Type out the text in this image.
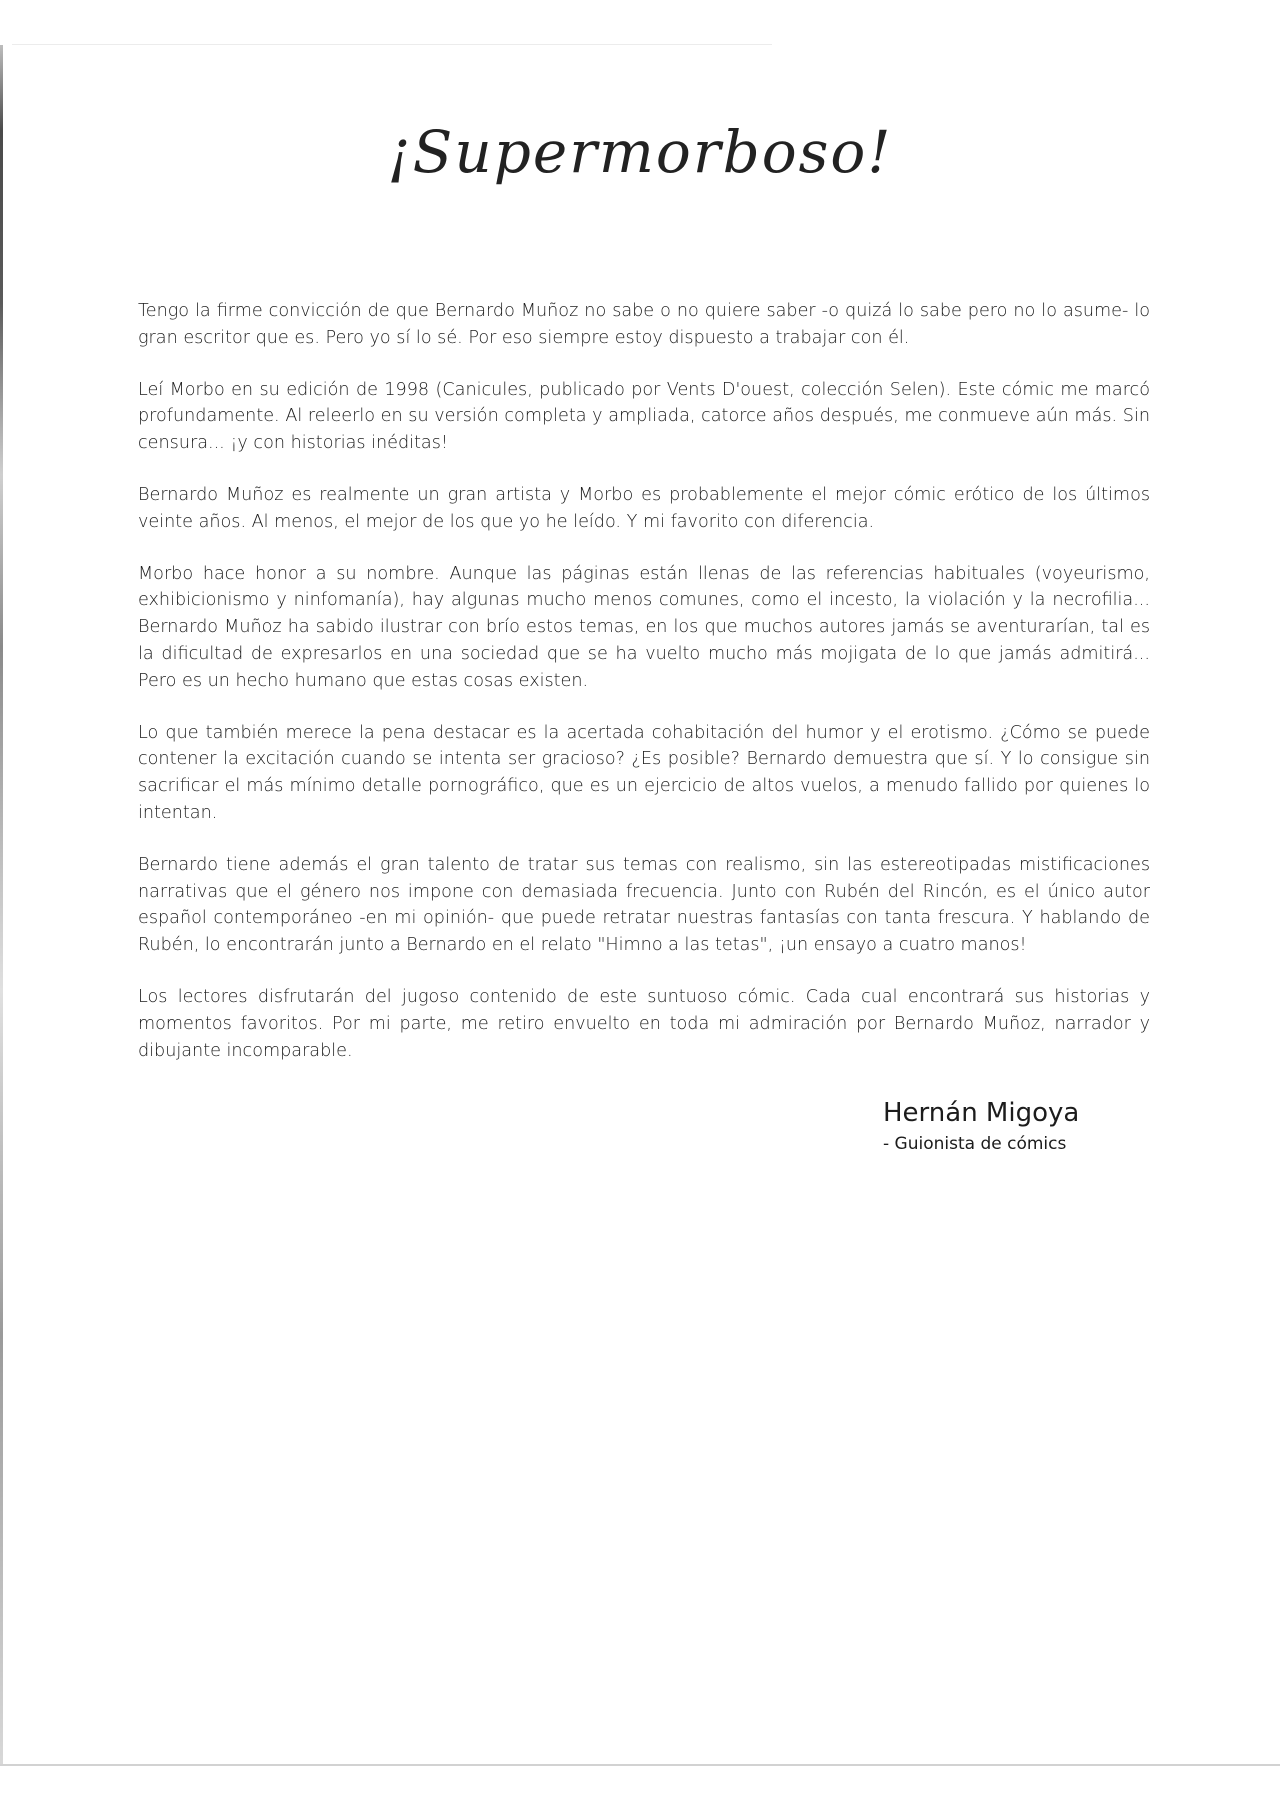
¡Supermorboso!

Tengo la firme convicción de que Bernardo Muñoz no sabe o no quiere saber -o quizá lo sabe pero no lo asume- lo gran escritor que es. Pero yo sí lo sé. Por eso siempre estoy dispuesto a trabajar con él.

Leí Morbo en su edición de 1998 (Canicules, publicado por Vents D'ouest, colección Selen). Este cómic me marcó profundamente. Al releerlo en su versión completa y ampliada, catorce años después, me conmueve aún más. Sin censura... ¡y con historias inéditas!

Bernardo Muñoz es realmente un gran artista y Morbo es probablemente el mejor cómic erótico de los últimos veinte años. Al menos, el mejor de los que yo he leído. Y mi favorito con diferencia.

Morbo hace honor a su nombre. Aunque las páginas están llenas de las referencias habituales (voyeurismo, exhibicionismo y ninfomanía), hay algunas mucho menos comunes, como el incesto, la violación y la necrofilia... Bernardo Muñoz ha sabido ilustrar con brío estos temas, en los que muchos autores jamás se aventurarían, tal es la dificultad de expresarlos en una sociedad que se ha vuelto mucho más mojigata de lo que jamás admitirá... Pero es un hecho humano que estas cosas existen.

Lo que también merece la pena destacar es la acertada cohabitación del humor y el erotismo. ¿Cómo se puede contener la excitación cuando se intenta ser gracioso? ¿Es posible? Bernardo demuestra que sí. Y lo consigue sin sacrificar el más mínimo detalle pornográfico, que es un ejercicio de altos vuelos, a menudo fallido por quienes lo intentan.

Bernardo tiene además el gran talento de tratar sus temas con realismo, sin las estereotipadas mistificaciones narrativas que el género nos impone con demasiada frecuencia. Junto con Rubén del Rincón, es el único autor español contemporáneo -en mi opinión- que puede retratar nuestras fantasías con tanta frescura. Y hablando de Rubén, lo encontrarán junto a Bernardo en el relato "Himno a las tetas", ¡un ensayo a cuatro manos!

Los lectores disfrutarán del jugoso contenido de este suntuoso cómic. Cada cual encontrará sus historias y momentos favoritos. Por mi parte, me retiro envuelto en toda mi admiración por Bernardo Muñoz, narrador y dibujante incomparable.

Hernán Migoya
- Guionista de cómics
